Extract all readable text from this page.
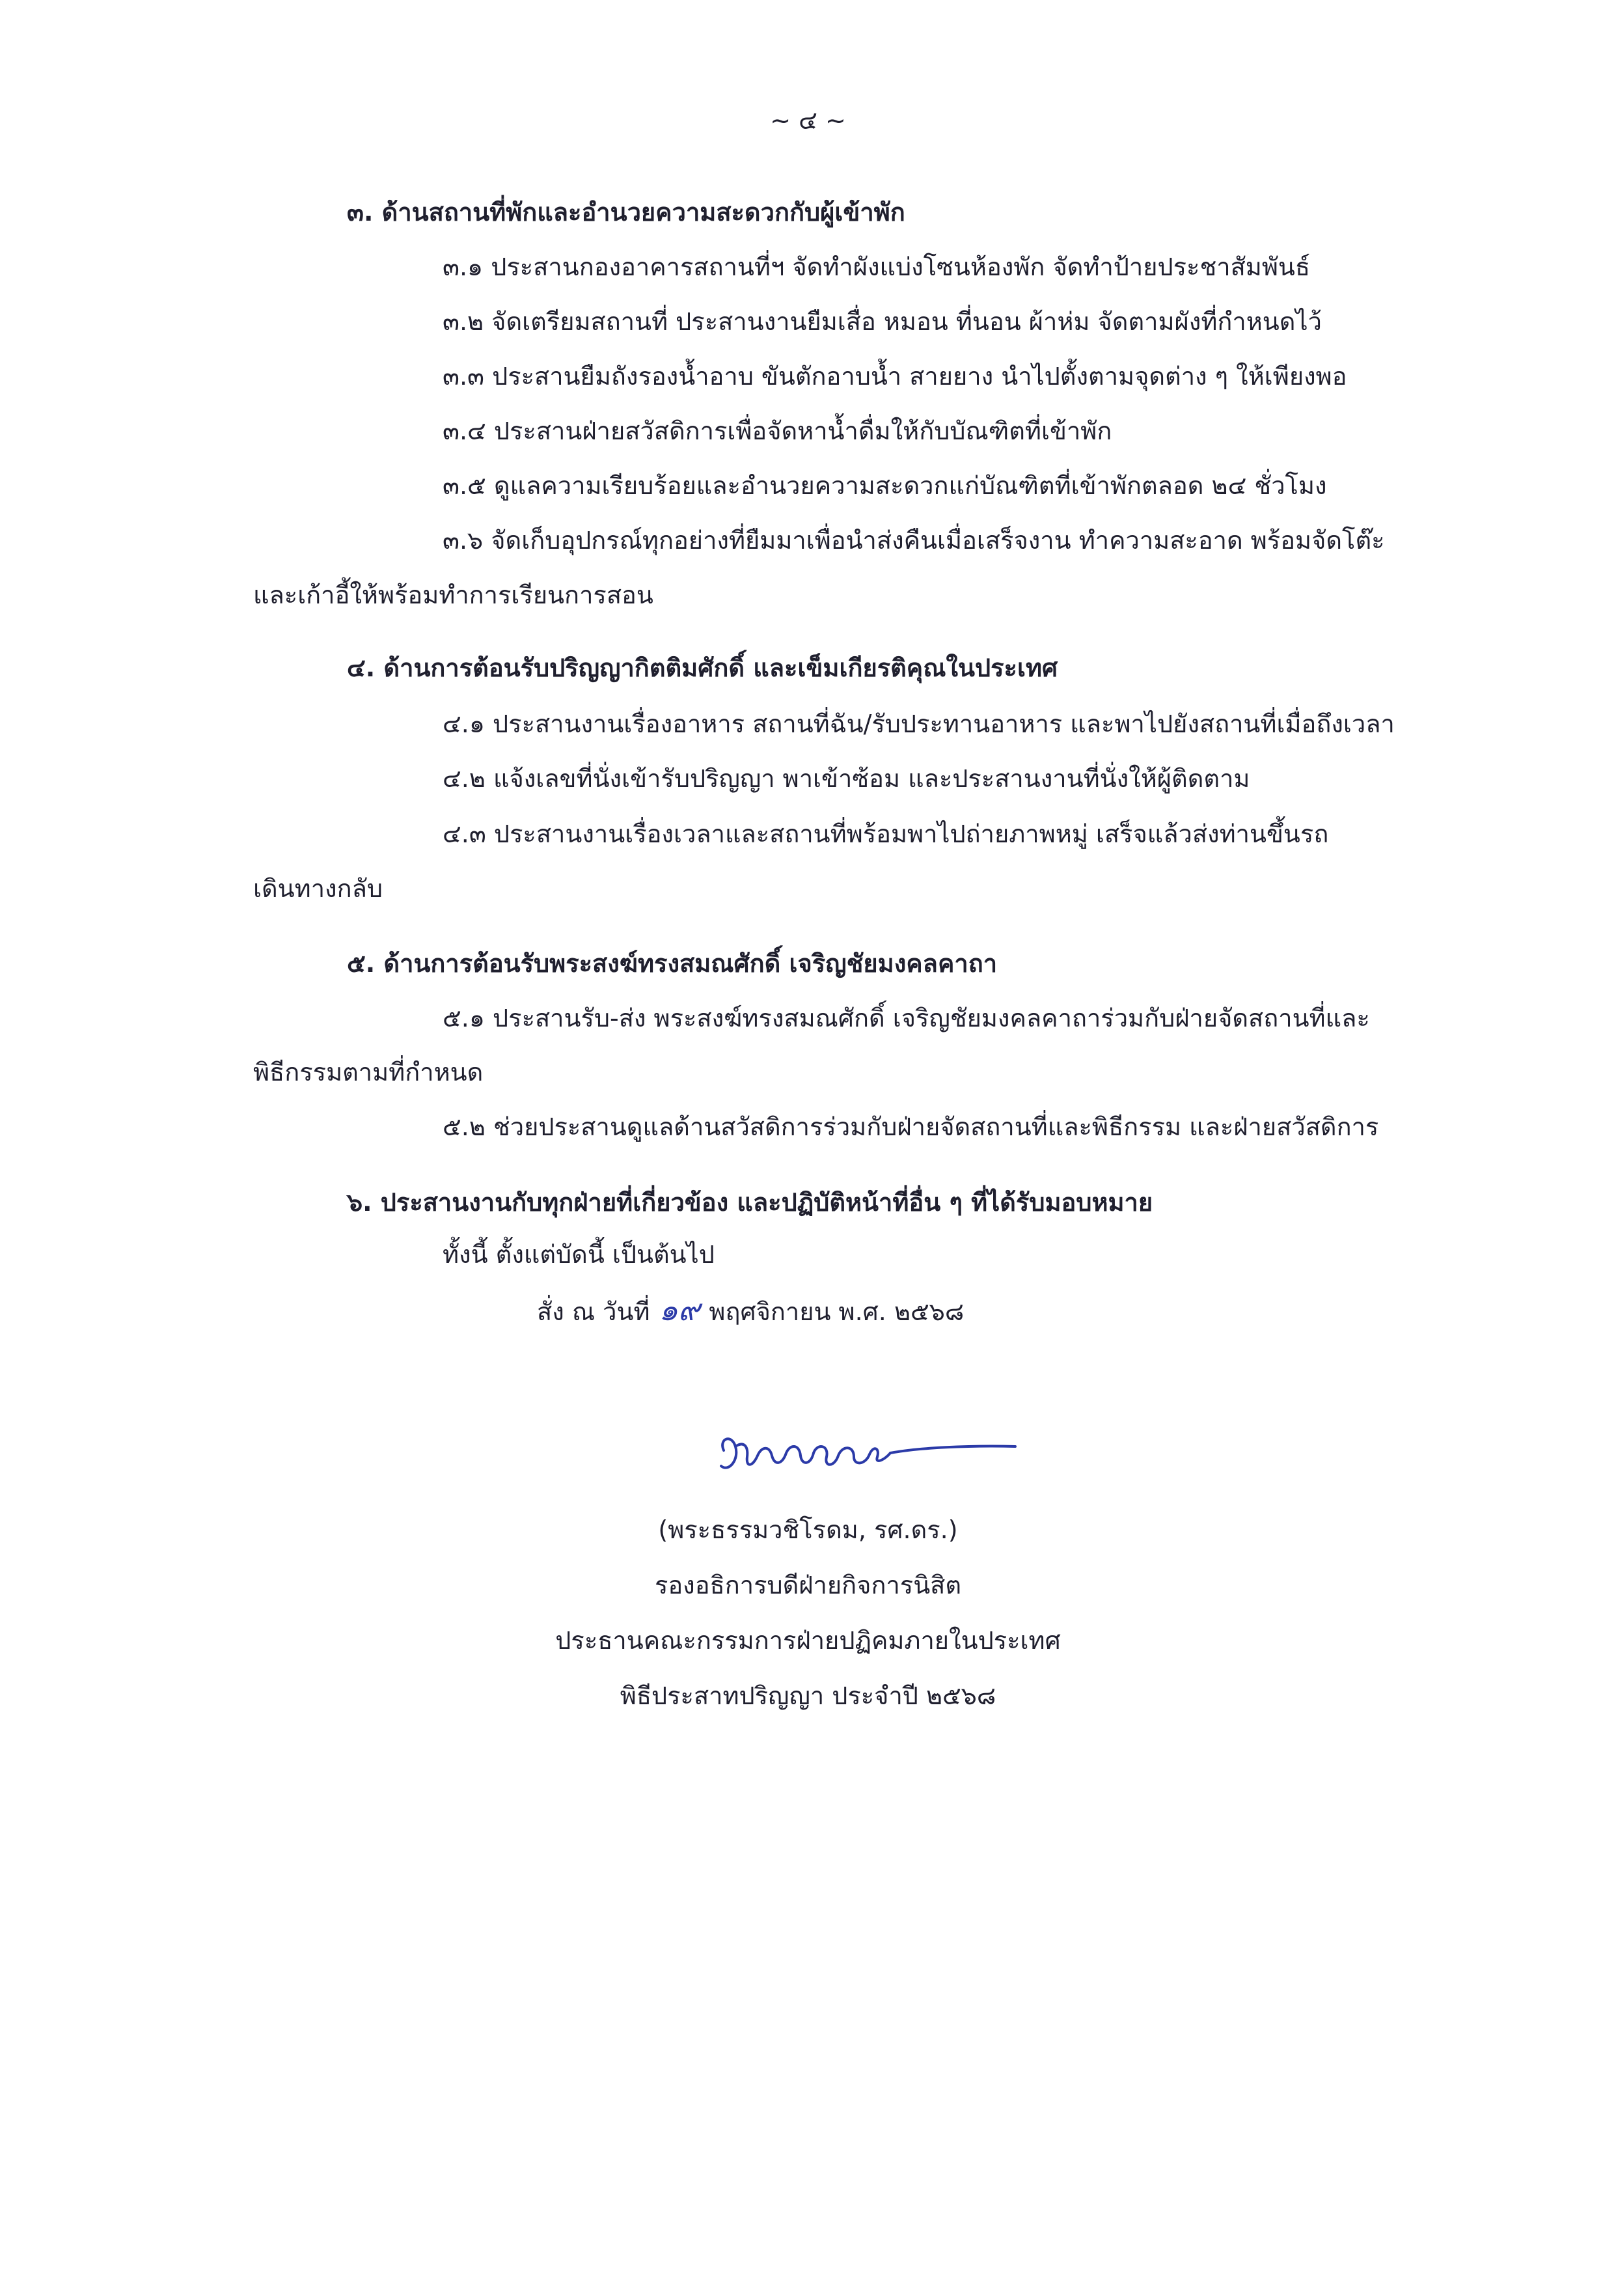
~ ๔ ~
๓. ด้านสถานที่พักและอำนวยความสะดวกกับผู้เข้าพัก
๓.๑ ประสานกองอาคารสถานที่ฯ จัดทำผังแบ่งโซนห้องพัก จัดทำป้ายประชาสัมพันธ์
๓.๒ จัดเตรียมสถานที่ ประสานงานยืมเสื่อ หมอน ที่นอน ผ้าห่ม จัดตามผังที่กำหนดไว้
๓.๓ ประสานยืมถังรองน้ำอาบ ขันตักอาบน้ำ สายยาง นำไปตั้งตามจุดต่าง ๆ ให้เพียงพอ
๓.๔ ประสานฝ่ายสวัสดิการเพื่อจัดหาน้ำดื่มให้กับบัณฑิตที่เข้าพัก
๓.๕ ดูแลความเรียบร้อยและอำนวยความสะดวกแก่บัณฑิตที่เข้าพักตลอด ๒๔ ชั่วโมง
๓.๖ จัดเก็บอุปกรณ์ทุกอย่างที่ยืมมาเพื่อนำส่งคืนเมื่อเสร็จงาน ทำความสะอาด พร้อมจัดโต๊ะ
และเก้าอี้ให้พร้อมทำการเรียนการสอน
๔. ด้านการต้อนรับปริญญากิตติมศักดิ์ และเข็มเกียรติคุณในประเทศ
๔.๑ ประสานงานเรื่องอาหาร สถานที่ฉัน/รับประทานอาหาร และพาไปยังสถานที่เมื่อถึงเวลา
๔.๒ แจ้งเลขที่นั่งเข้ารับปริญญา พาเข้าซ้อม และประสานงานที่นั่งให้ผู้ติดตาม
๔.๓ ประสานงานเรื่องเวลาและสถานที่พร้อมพาไปถ่ายภาพหมู่ เสร็จแล้วส่งท่านขึ้นรถ
เดินทางกลับ
๕. ด้านการต้อนรับพระสงฆ์ทรงสมณศักดิ์ เจริญชัยมงคลคาถา
๕.๑ ประสานรับ-ส่ง พระสงฆ์ทรงสมณศักดิ์ เจริญชัยมงคลคาถาร่วมกับฝ่ายจัดสถานที่และ
พิธีกรรมตามที่กำหนด
๕.๒ ช่วยประสานดูแลด้านสวัสดิการร่วมกับฝ่ายจัดสถานที่และพิธีกรรม และฝ่ายสวัสดิการ
๖. ประสานงานกับทุกฝ่ายที่เกี่ยวข้อง และปฏิบัติหน้าที่อื่น ๆ ที่ได้รับมอบหมาย
ทั้งนี้ ตั้งแต่บัดนี้ เป็นต้นไป
สั่ง ณ วันที่ ๑๙ พฤศจิกายน พ.ศ. ๒๕๖๘
(พระธรรมวชิโรดม, รศ.ดร.)
รองอธิการบดีฝ่ายกิจการนิสิต
ประธานคณะกรรมการฝ่ายปฏิคมภายในประเทศ
พิธีประสาทปริญญา ประจำปี ๒๕๖๘
